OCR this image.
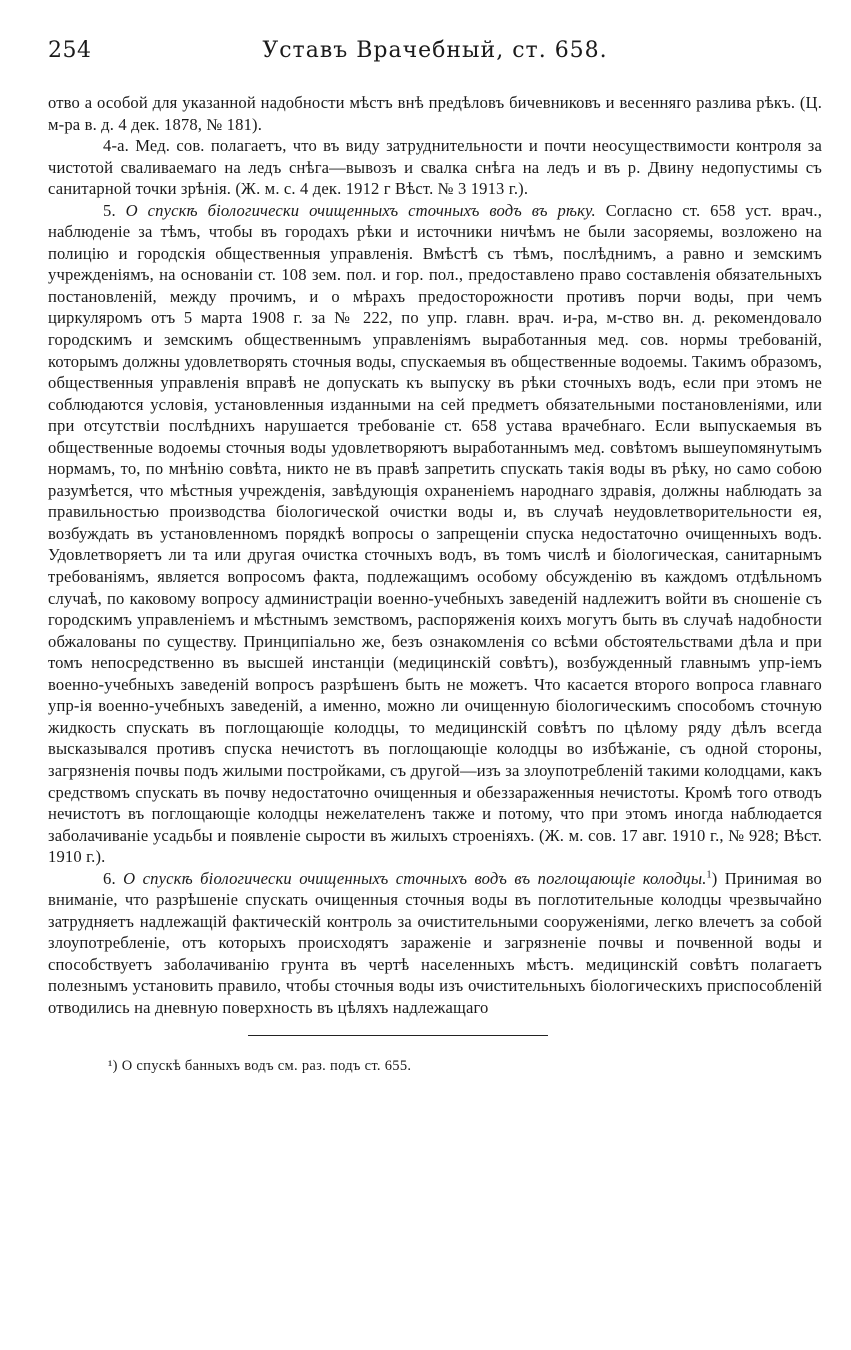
254	Уставъ Врачебный, ст. 658.

отво а особой для указанной надобности мѣстъ внѣ предѣловъ бичевниковъ и весенняго разлива рѣкъ. (Ц. м-ра в. д. 4 дек. 1878, № 181).

4-а. Мед. сов. полагаетъ, что въ виду затруднительности и почти неосуществимости контроля за чистотой сваливаемаго на ледъ снѣга—вывозъ и свалка снѣга на ледъ и въ р. Двину недопустимы съ санитарной точки зрѣнія. (Ж. м. с. 4 дек. 1912 г Вѣст. № 3 1913 г.).

5. О спускѣ біологически очищенныхъ сточныхъ водъ въ рѣку. Согласно ст. 658 уст. врач., наблюденіе за тѣмъ, чтобы въ городахъ рѣки и источники ничѣмъ не были засоряемы, возложено на полицію и городскія общественныя управленія. Вмѣстѣ съ тѣмъ, послѣднимъ, а равно и земскимъ учрежденіямъ, на основаніи ст. 108 зем. пол. и гор. пол., предоставлено право составленія обязательныхъ постановленій, между прочимъ, и о мѣрахъ предосторожности противъ порчи воды, при чемъ циркуляромъ отъ 5 марта 1908 г. за № 222, по упр. главн. врач. и-ра, м-ство вн. д. рекомендовало городскимъ и земскимъ общественнымъ управленіямъ выработанныя мед. сов. нормы требованій, которымъ должны удовлетворять сточныя воды, спускаемыя въ общественные водоемы. Такимъ образомъ, общественныя управленія вправѣ не допускать къ выпуску въ рѣки сточныхъ водъ, если при этомъ не соблюдаются условія, установленныя изданными на сей предметъ обязательными постановленіями, или при отсутствіи послѣднихъ нарушается требованіе ст. 658 устава врачебнаго. Если выпускаемыя въ общественные водоемы сточныя воды удовлетворяютъ выработаннымъ мед. совѣтомъ вышеупомянутымъ нормамъ, то, по мнѣнію совѣта, никто не въ правѣ запретить спускать такія воды въ рѣку, но само собою разумѣется, что мѣстныя учрежденія, завѣдующія охраненіемъ народнаго здравія, должны наблюдать за правильностью производства біологической очистки воды и, въ случаѣ неудовлетворительности ея, возбуждать въ установленномъ порядкѣ вопросы о запрещеніи спуска недостаточно очищенныхъ водъ. Удовлетворяетъ ли та или другая очистка сточныхъ водъ, въ томъ числѣ и біологическая, санитарнымъ требованіямъ, является вопросомъ факта, подлежащимъ особому обсужденію въ каждомъ отдѣльномъ случаѣ, по каковому вопросу администраціи военно-учебныхъ заведеній надлежитъ войти въ сношеніе съ городскимъ управленіемъ и мѣстнымъ земствомъ, распоряженія коихъ могутъ быть въ случаѣ надобности обжалованы по существу. Принципіально же, безъ ознакомленія со всѣми обстоятельствами дѣла и при томъ непосредственно въ высшей инстанціи (медицинскій совѣтъ), возбужденный главнымъ упр-іемъ военно-учебныхъ заведеній вопросъ разрѣшенъ быть не можетъ. Что касается второго вопроса главнаго упр-ія военно-учебныхъ заведеній, а именно, можно ли очищенную біологическимъ способомъ сточную жидкость спускать въ поглощающіе колодцы, то медицинскій совѣтъ по цѣлому ряду дѣлъ всегда высказывался противъ спуска нечистотъ въ поглощающіе колодцы во избѣжаніе, съ одной стороны, загрязненія почвы подъ жилыми постройками, съ другой—изъ за злоупотребленій такими колодцами, какъ средствомъ спускать въ почву недостаточно очищенныя и обеззараженныя нечистоты. Кромѣ того отводъ нечистотъ въ поглощающіе колодцы нежелателенъ также и потому, что при этомъ иногда наблюдается заболачиваніе усадьбы и появленіе сырости въ жилыхъ строеніяхъ. (Ж. м. сов. 17 авг. 1910 г., № 928; Вѣст. 1910 г.).

6. О спускѣ біологически очищенныхъ сточныхъ водъ въ поглощающіе колодцы.$^1$) Принимая во вниманіе, что разрѣшеніе спускать очищенныя сточныя воды въ поглотительные колодцы чрезвычайно затрудняетъ надлежащій фактическій контроль за очистительными сооруженіями, легко влечетъ за собой злоупотребленіе, отъ которыхъ происходятъ зараженіе и загрязненіе почвы и почвенной воды и способствуетъ заболачиванію грунта въ чертѣ населенныхъ мѣстъ. медицинскій совѣтъ полагаетъ полезнымъ установить правило, чтобы сточныя воды изъ очистительныхъ біологическихъ приспособленій отводились на дневную поверхность въ цѣляхъ надлежащаго

¹) О спускѣ банныхъ водъ см. раз. подъ ст. 655.
